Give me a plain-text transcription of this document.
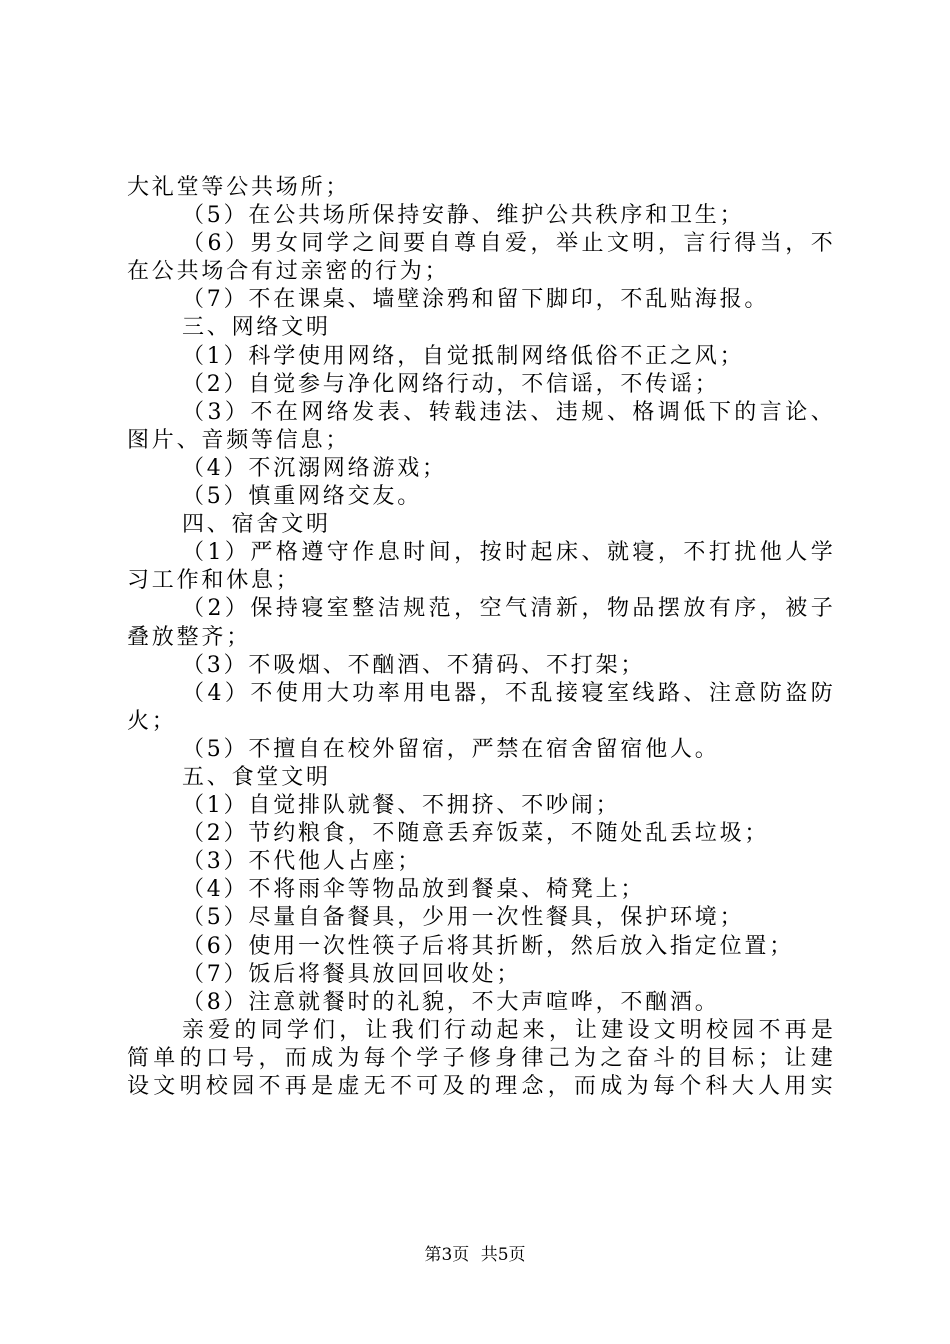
大礼堂等公共场所；
（5）在公共场所保持安静、维护公共秩序和卫生；
（ 6 ） 男 女 同 学 之 间 要 自 尊 自 爱 ， 举 止 文 明 ， 言 行 得 当 ， 不
在公共场合有过亲密的行为；
（7）不在课桌、墙壁涂鸦和留下脚印，不乱贴海报。
三、网络文明
（1）科学使用网络，自觉抵制网络低俗不正之风；
（2）自觉参与净化网络行动，不信谣，不传谣；
（ 3 ） 不 在 网 络 发 表 、 转 载 违 法 、 违 规 、 格 调 低 下 的 言 论 、
图片、音频等信息；
（4）不沉溺网络游戏；
（5）慎重网络交友。
四、宿舍文明
（ 1 ） 严 格 遵 守 作 息 时 间 ， 按 时 起 床 、 就 寝 ， 不 打 扰 他 人 学
习工作和休息；
（ 2 ） 保 持 寝 室 整 洁 规 范 ， 空 气 清 新 ， 物 品 摆 放 有 序 ， 被 子
叠放整齐；
（3）不吸烟、不酗酒、不猜码、不打架；
（ 4 ） 不 使 用 大 功 率 用 电 器 ， 不 乱 接 寝 室 线 路 、 注 意 防 盗 防
火；
（5）不擅自在校外留宿，严禁在宿舍留宿他人。
五、食堂文明
（1）自觉排队就餐、不拥挤、不吵闹；
（2）节约粮食，不随意丢弃饭菜，不随处乱丢垃圾；
（3）不代他人占座；
（4）不将雨伞等物品放到餐桌、椅凳上；
（5）尽量自备餐具，少用一次性餐具，保护环境；
（6）使用一次性筷子后将其折断，然后放入指定位置；
（7）饭后将餐具放回回收处；
（8）注意就餐时的礼貌，不大声喧哗，不酗酒。
亲 爱 的 同 学 们 ， 让 我 们 行 动 起 来 ， 让 建 设 文 明 校 园 不 再 是
简 单 的 口 号 ， 而 成 为 每 个 学 子 修 身 律 己 为 之 奋 斗 的 目 标 ； 让 建
设 文 明 校 园 不 再 是 虚 无 不 可 及 的 理 念 ， 而 成 为 每 个 科 大 人 用 实
第3页 共5页
